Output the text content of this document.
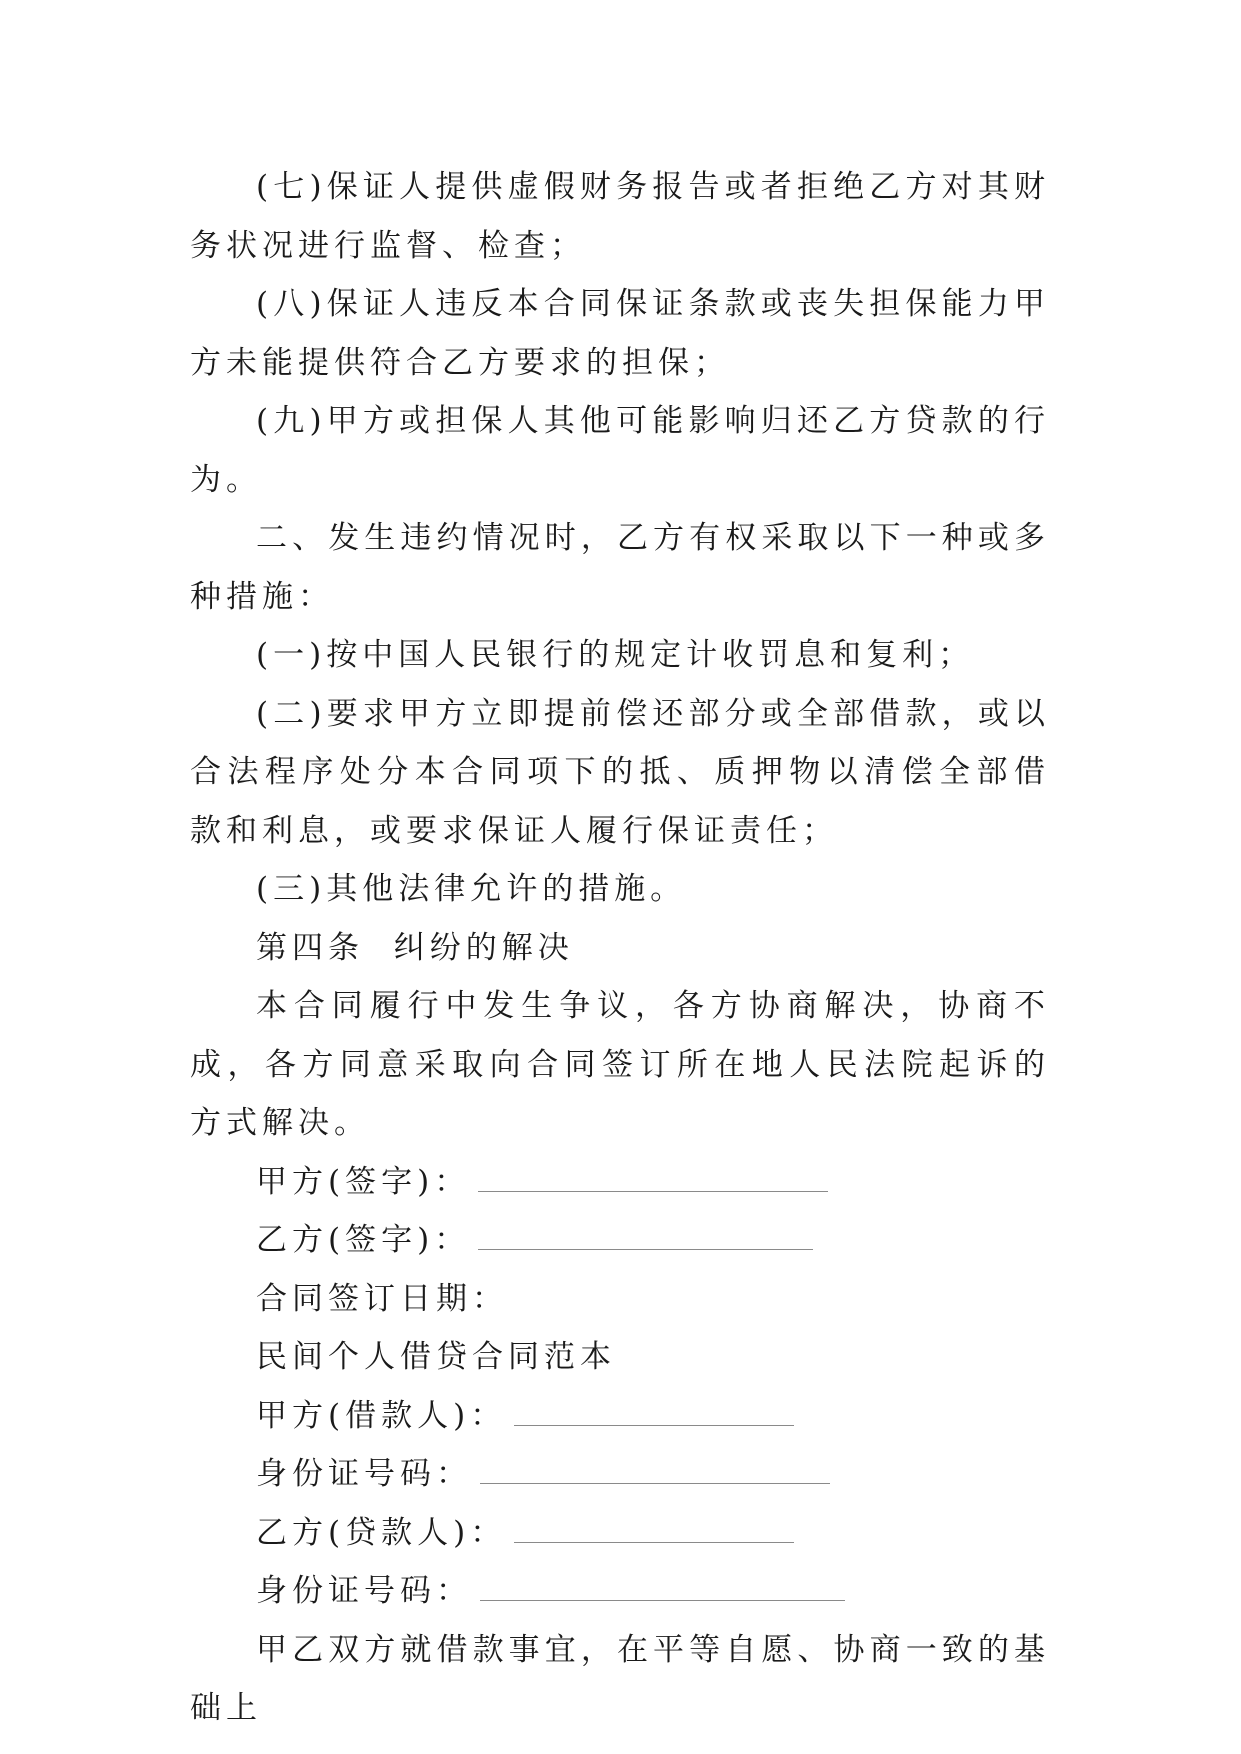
(七)保证人提供虚假财务报告或者拒绝乙方对其财务状况进行监督、检查；

(八)保证人违反本合同保证条款或丧失担保能力甲方未能提供符合乙方要求的担保；

(九)甲方或担保人其他可能影响归还乙方贷款的行为。

二、发生违约情况时，乙方有权采取以下一种或多种措施：

(一)按中国人民银行的规定计收罚息和复利；

(二)要求甲方立即提前偿还部分或全部借款，或以合法程序处分本合同项下的抵、质押物以清偿全部借款和利息，或要求保证人履行保证责任；

(三)其他法律允许的措施。

第四条  纠纷的解决

本合同履行中发生争议，各方协商解决，协商不成，各方同意采取向合同签订所在地人民法院起诉的方式解决。

甲方(签字)：

乙方(签字)：

合同签订日期：

民间个人借贷合同范本

甲方(借款人)：

身份证号码：

乙方(贷款人)：

身份证号码：

甲乙双方就借款事宜，在平等自愿、协商一致的基础上
